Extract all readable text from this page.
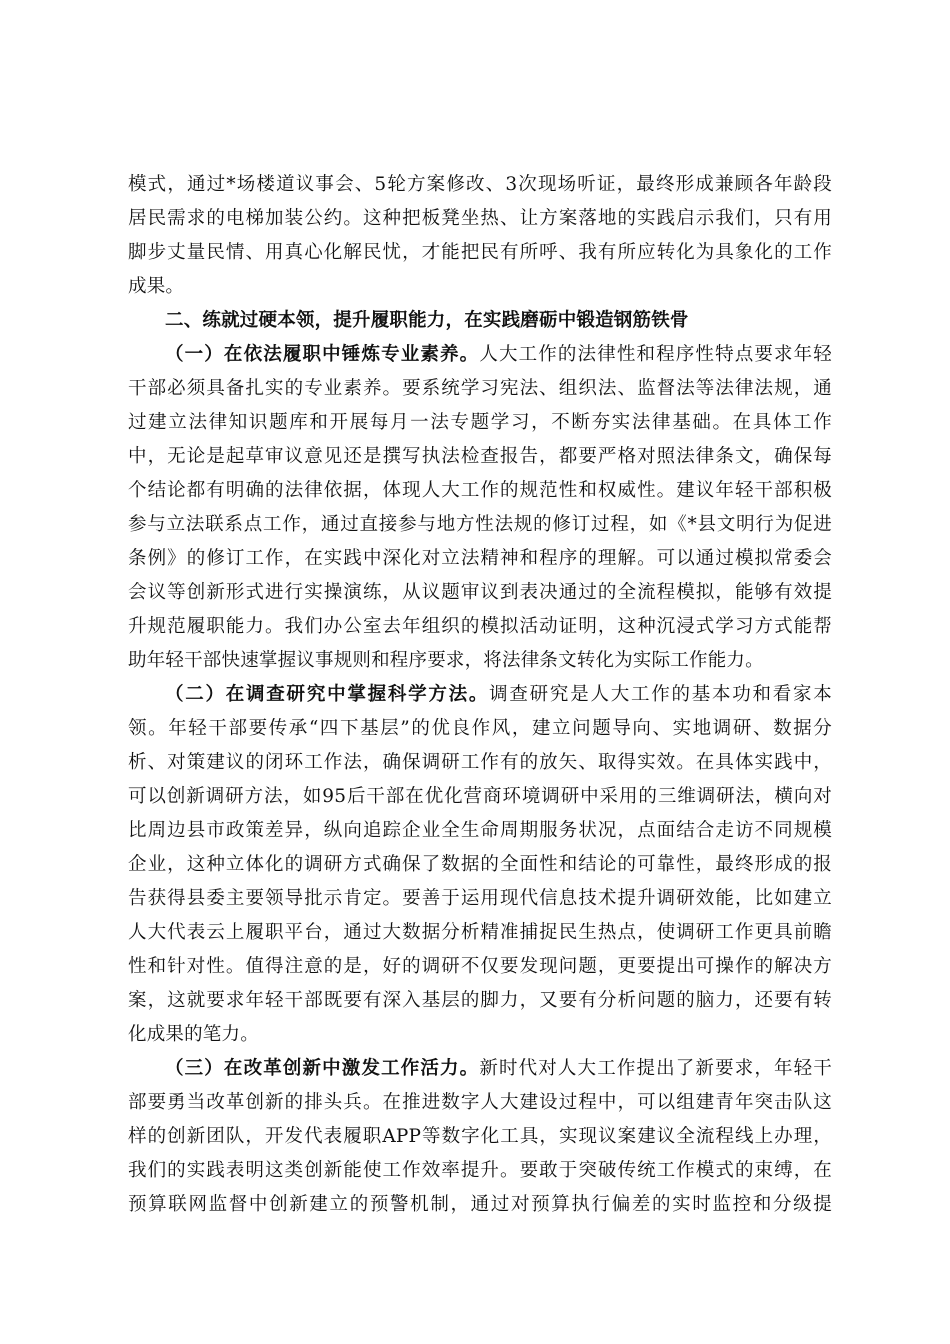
模式，通过*场楼道议事会、5轮方案修改、3次现场听证，最终形成兼顾各年龄段
居民需求的电梯加装公约。这种把板凳坐热、让方案落地的实践启示我们，只有用
脚步丈量民情、用真心化解民忧，才能把民有所呼、我有所应转化为具象化的工作
成果。
二、练就过硬本领，提升履职能力，在实践磨砺中锻造钢筋铁骨
（一）在依法履职中锤炼专业素养。人大工作的法律性和程序性特点要求年轻
干部必须具备扎实的专业素养。要系统学习宪法、组织法、监督法等法律法规，通
过建立法律知识题库和开展每月一法专题学习，不断夯实法律基础。在具体工作
中，无论是起草审议意见还是撰写执法检查报告，都要严格对照法律条文，确保每
个结论都有明确的法律依据，体现人大工作的规范性和权威性。建议年轻干部积极
参与立法联系点工作，通过直接参与地方性法规的修订过程，如《*县文明行为促进
条例》的修订工作，在实践中深化对立法精神和程序的理解。可以通过模拟常委会
会议等创新形式进行实操演练，从议题审议到表决通过的全流程模拟，能够有效提
升规范履职能力。我们办公室去年组织的模拟活动证明，这种沉浸式学习方式能帮
助年轻干部快速掌握议事规则和程序要求，将法律条文转化为实际工作能力。
（二）在调查研究中掌握科学方法。调查研究是人大工作的基本功和看家本
领。年轻干部要传承“四下基层”的优良作风，建立问题导向、实地调研、数据分
析、对策建议的闭环工作法，确保调研工作有的放矢、取得实效。在具体实践中，
可以创新调研方法，如95后干部在优化营商环境调研中采用的三维调研法，横向对
比周边县市政策差异，纵向追踪企业全生命周期服务状况，点面结合走访不同规模
企业，这种立体化的调研方式确保了数据的全面性和结论的可靠性，最终形成的报
告获得县委主要领导批示肯定。要善于运用现代信息技术提升调研效能，比如建立
人大代表云上履职平台，通过大数据分析精准捕捉民生热点，使调研工作更具前瞻
性和针对性。值得注意的是，好的调研不仅要发现问题，更要提出可操作的解决方
案，这就要求年轻干部既要有深入基层的脚力，又要有分析问题的脑力，还要有转
化成果的笔力。
（三）在改革创新中激发工作活力。新时代对人大工作提出了新要求，年轻干
部要勇当改革创新的排头兵。在推进数字人大建设过程中，可以组建青年突击队这
样的创新团队，开发代表履职APP等数字化工具，实现议案建议全流程线上办理，
我们的实践表明这类创新能使工作效率提升。要敢于突破传统工作模式的束缚，在
预算联网监督中创新建立的预警机制，通过对预算执行偏差的实时监控和分级提
